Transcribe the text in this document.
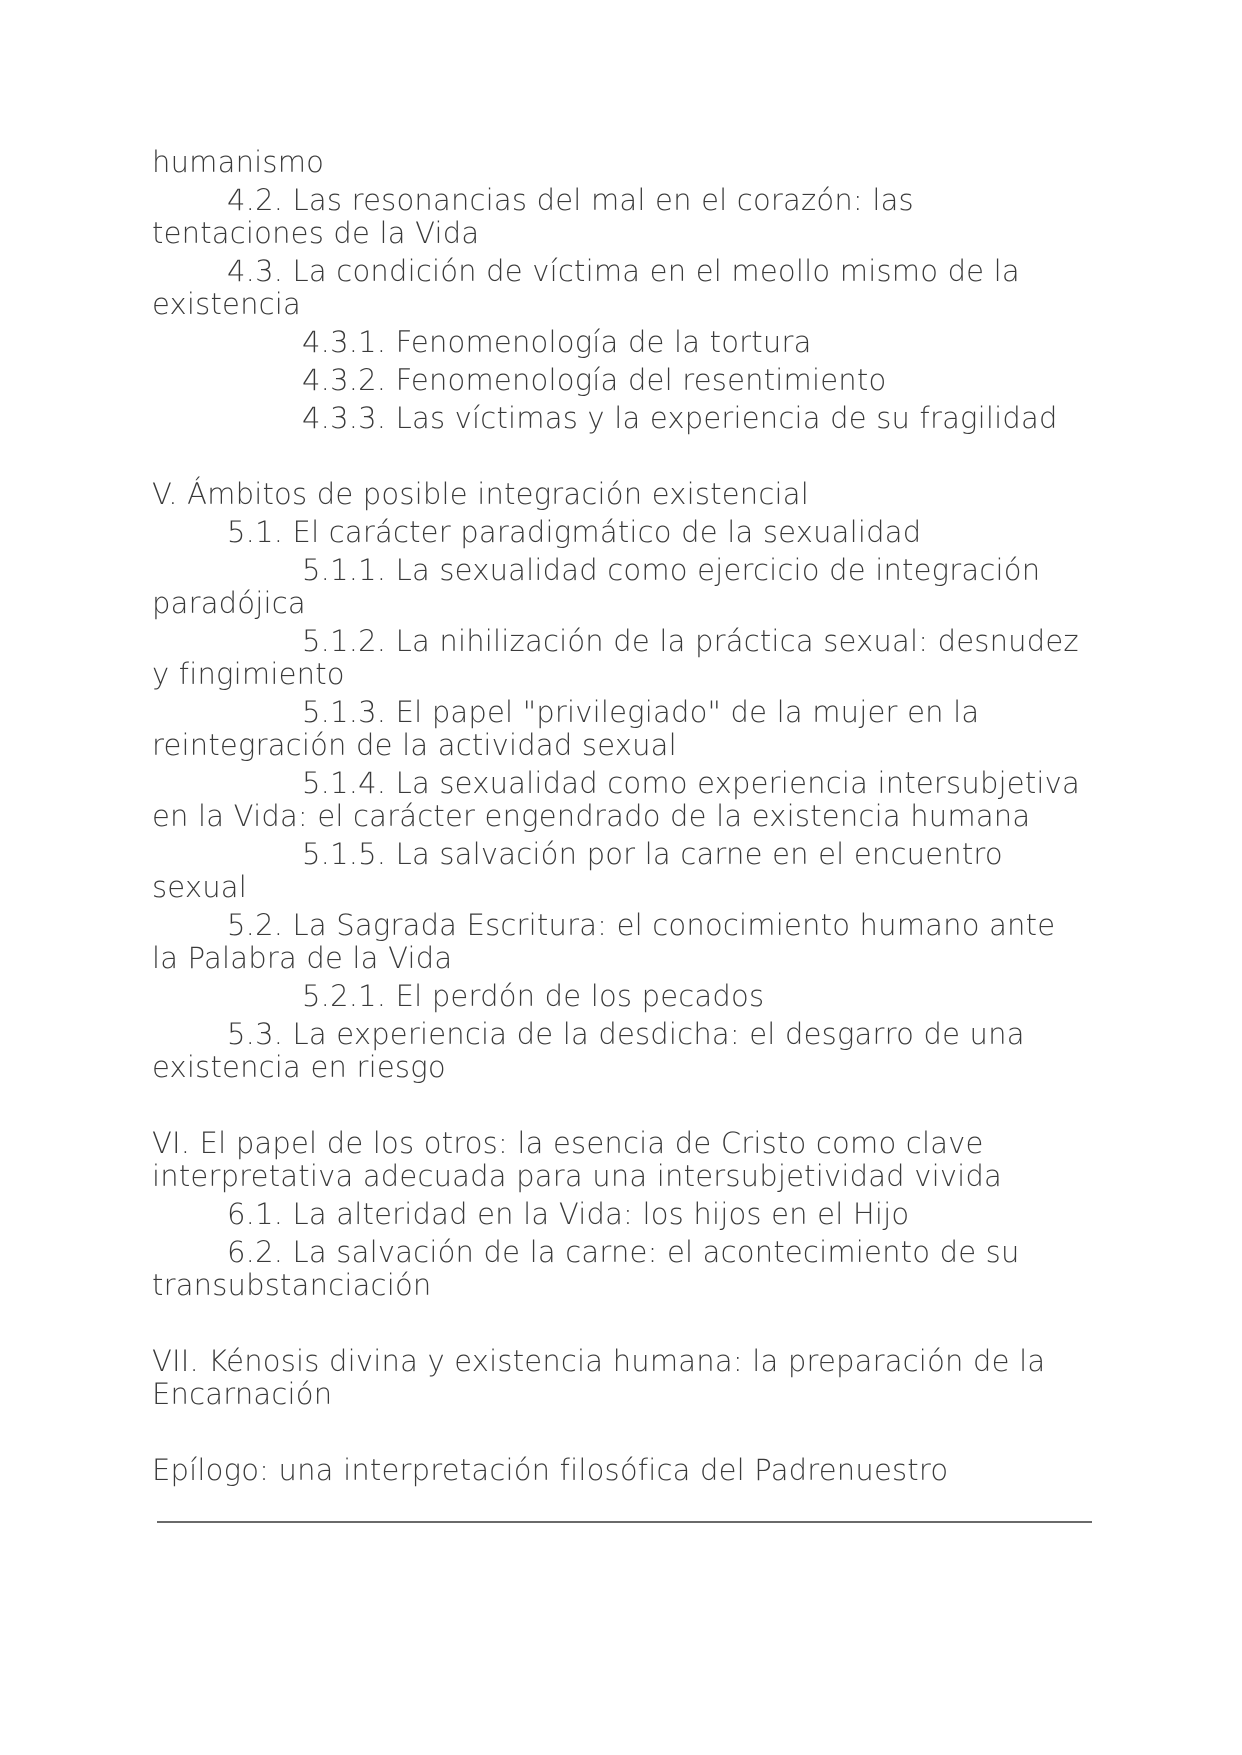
humanismo
4.2. Las resonancias del mal en el corazón: las
tentaciones de la Vida
4.3. La condición de víctima en el meollo mismo de la
existencia
4.3.1. Fenomenología de la tortura
4.3.2. Fenomenología del resentimiento
4.3.3. Las víctimas y la experiencia de su fragilidad
V. Ámbitos de posible integración existencial
5.1. El carácter paradigmático de la sexualidad
5.1.1. La sexualidad como ejercicio de integración
paradójica
5.1.2. La nihilización de la práctica sexual: desnudez
y fingimiento
5.1.3. El papel "privilegiado" de la mujer en la
reintegración de la actividad sexual
5.1.4. La sexualidad como experiencia intersubjetiva
en la Vida: el carácter engendrado de la existencia humana
5.1.5. La salvación por la carne en el encuentro
sexual
5.2. La Sagrada Escritura: el conocimiento humano ante
la Palabra de la Vida
5.2.1. El perdón de los pecados
5.3. La experiencia de la desdicha: el desgarro de una
existencia en riesgo
VI. El papel de los otros: la esencia de Cristo como clave
interpretativa adecuada para una intersubjetividad vivida
6.1. La alteridad en la Vida: los hijos en el Hijo
6.2. La salvación de la carne: el acontecimiento de su
transubstanciación
VII. Kénosis divina y existencia humana: la preparación de la
Encarnación
Epílogo: una interpretación filosófica del Padrenuestro
